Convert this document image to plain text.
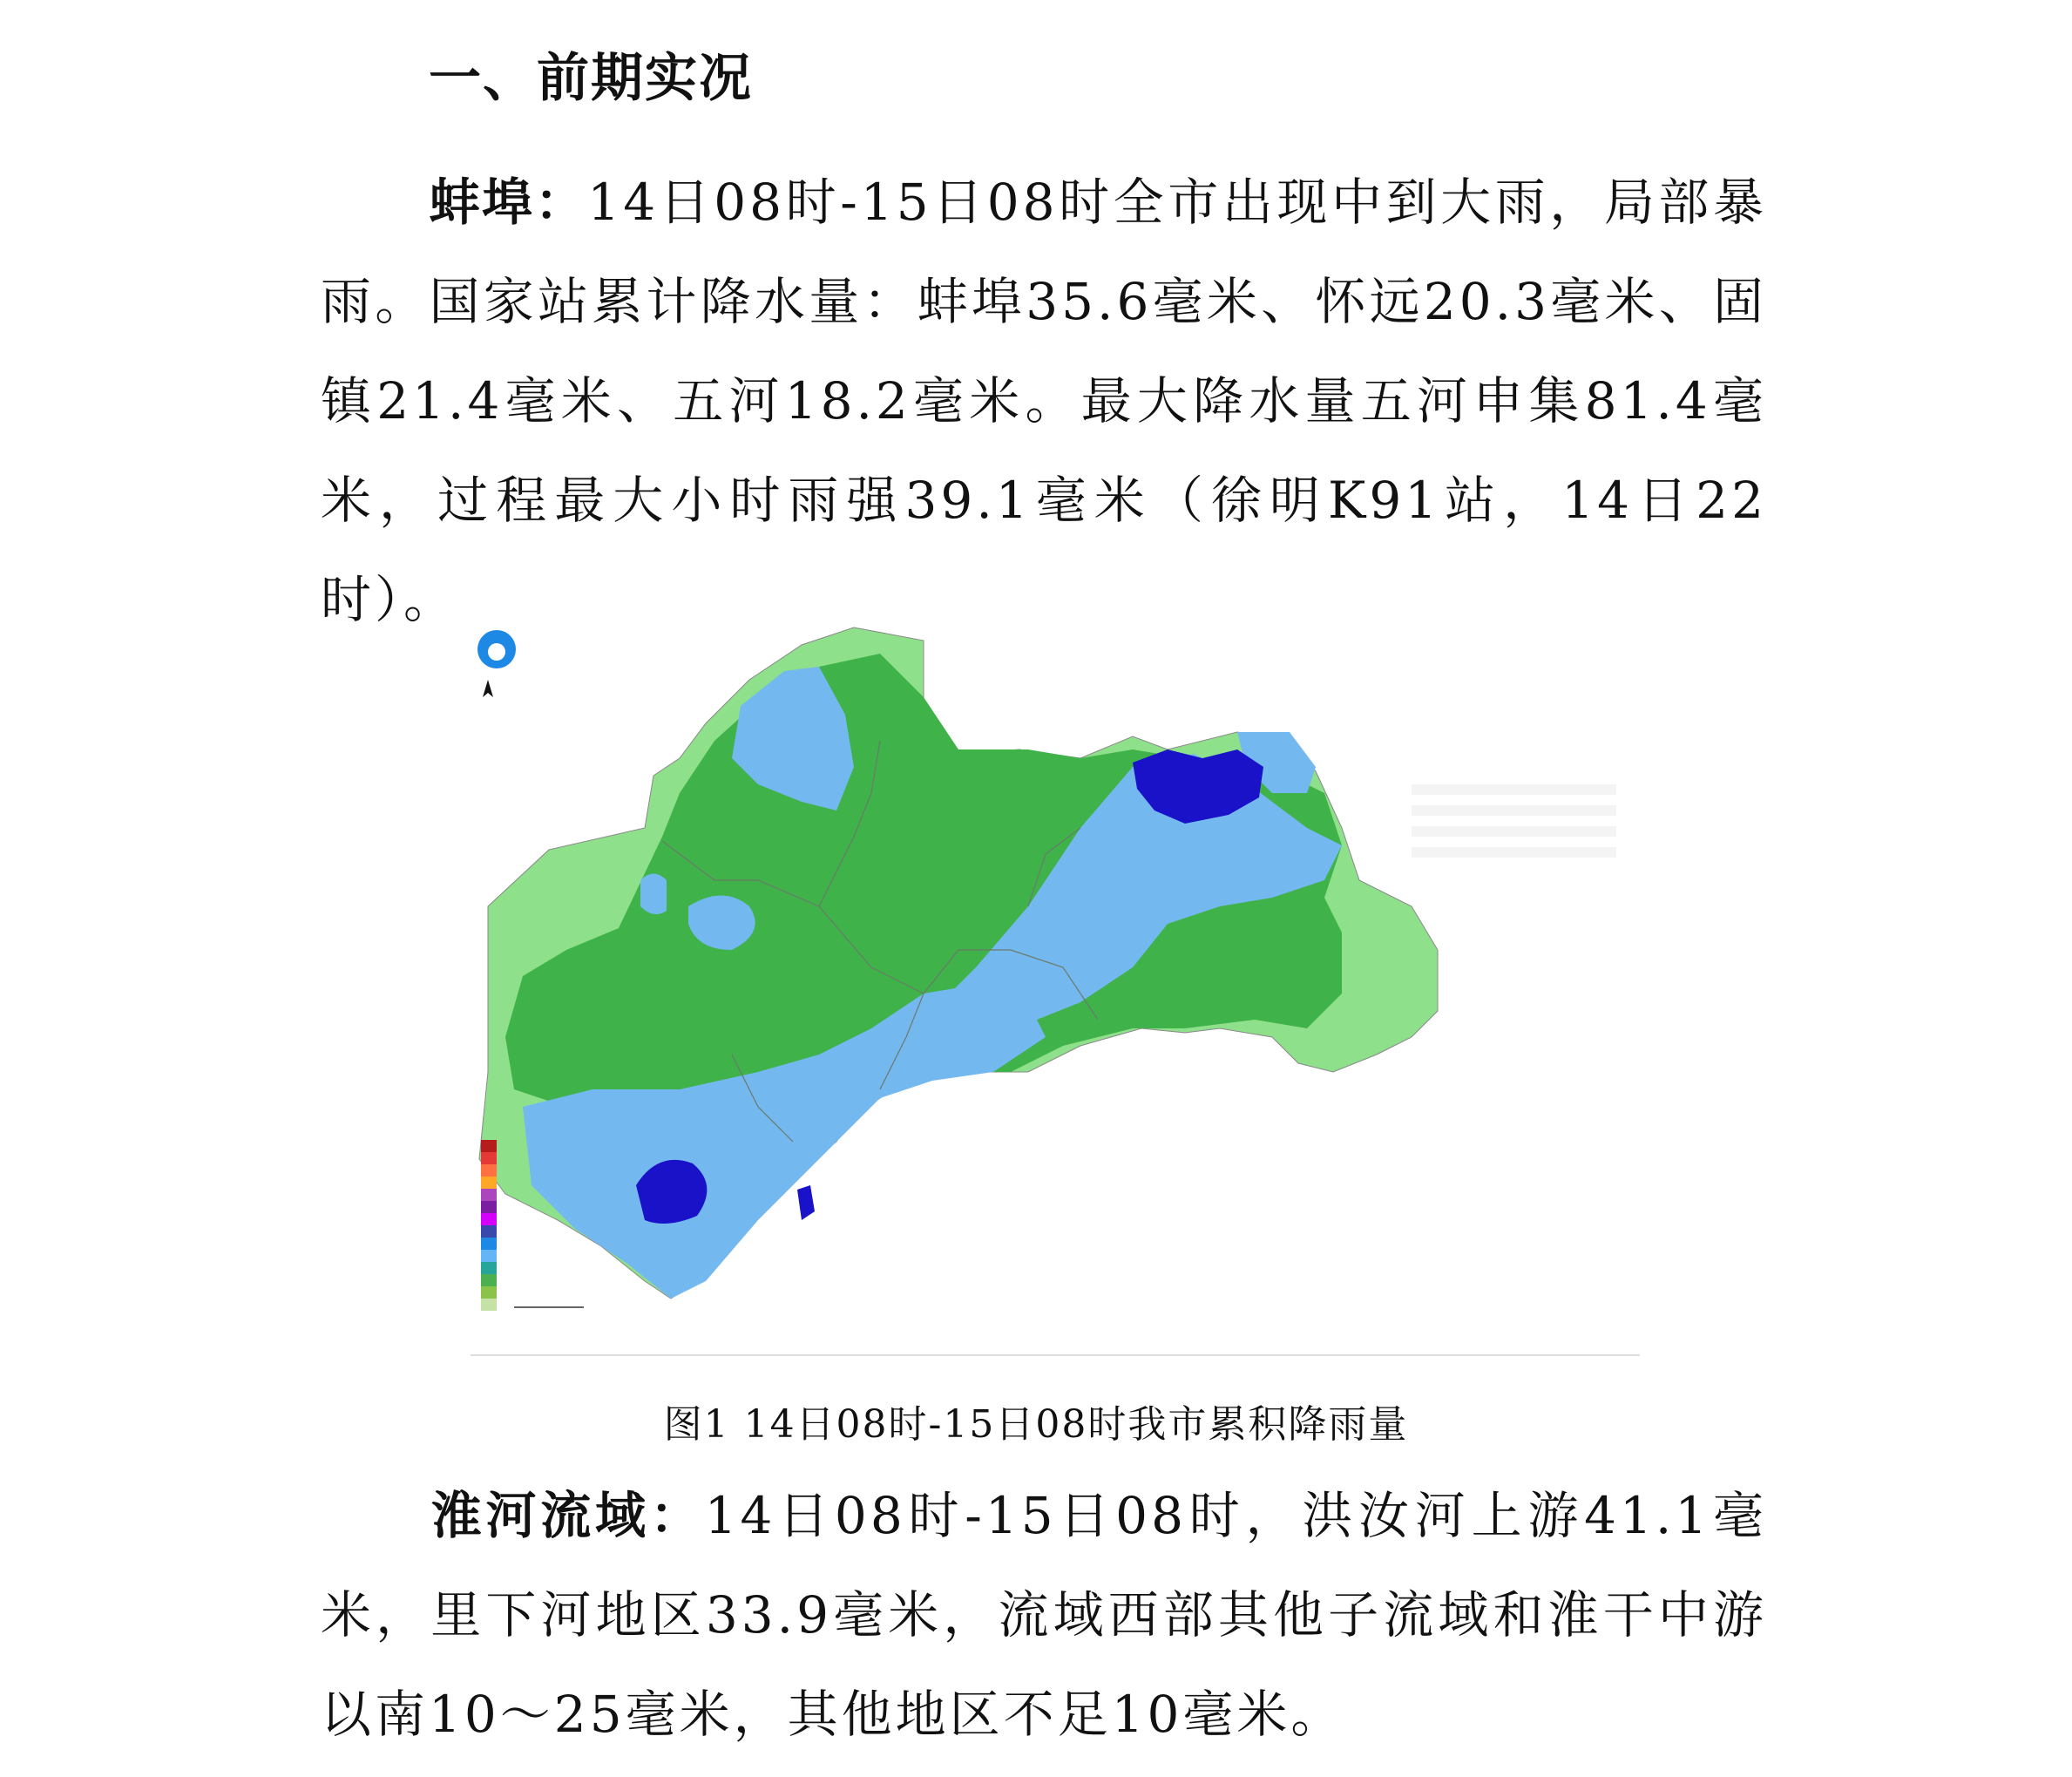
一、前期实况
蚌埠：14日08时-15日08时全市出现中到大雨，局部暴雨。国家站累计降水量：蚌埠35.6毫米、怀远20.3毫米、固镇21.4毫米、五河18.2毫米。最大降水量五河申集81.4毫米，过程最大小时雨强39.1毫米（徐明K91站，14日22时）。
图1 14日08时-15日08时我市累积降雨量
淮河流域：14日08时-15日08时，洪汝河上游41.1毫米，里下河地区33.9毫米，流域西部其他子流域和淮干中游以南10～25毫米，其他地区不足10毫米。
